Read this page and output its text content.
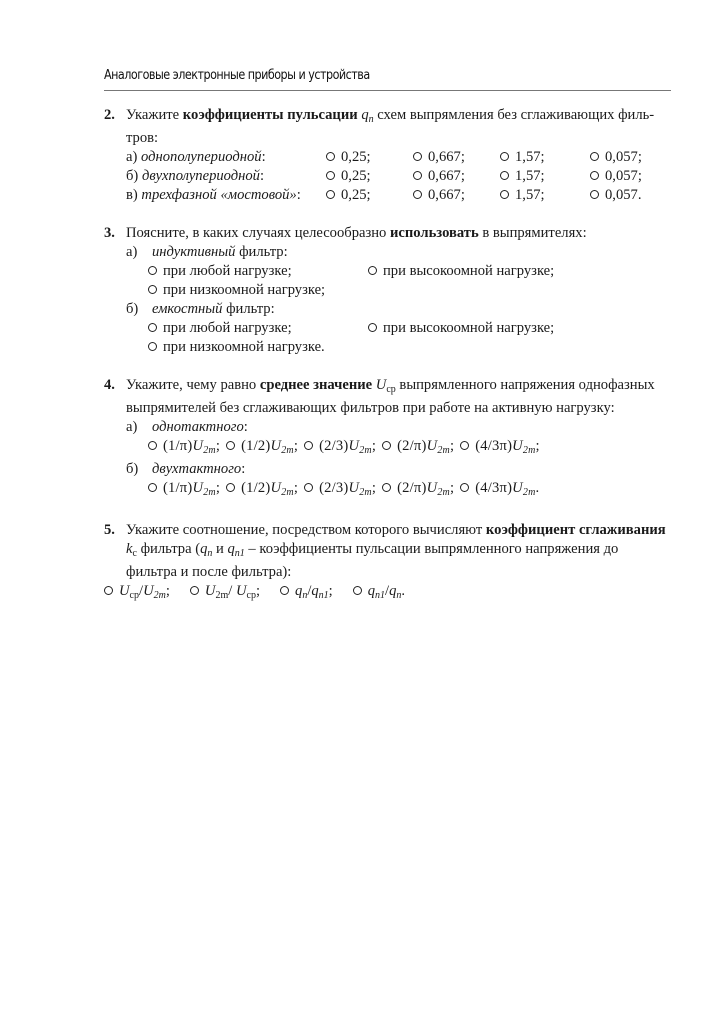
Аналоговые электронные приборы и устройства
2. Укажите коэффициенты пульсации $q_п$ схем выпрямления без сглаживающих фильтров:
а) однополупериодной:	0,25;	0,667;	1,57;	0,057;
б) двухполупериодной:	0,25;	0,667;	1,57;	0,057;
в) трехфазной «мостовой»:	0,25;	0,667;	1,57;	0,057.
3. Поясните, в каких случаях целесообразно использовать в выпрямителях:
а) индуктивный фильтр:
при любой нагрузке;	при высокоомной нагрузке;
при низкоомной нагрузке;
б) емкостный фильтр:
при любой нагрузке;	при высокоомной нагрузке;
при низкоомной нагрузке.
4. Укажите, чему равно среднее значение $U_{ср}$ выпрямленного напряжения однофазных выпрямителей без сглаживающих фильтров при работе на активную нагрузку:
а) однотактного:
$(1/\pi)U_{2m}$; $(1/2)U_{2m}$; $(2/3)U_{2m}$; $(2/\pi)U_{2m}$; $(4/3\pi)U_{2m}$;
б) двухтактного:
$(1/\pi)U_{2m}$; $(1/2)U_{2m}$; $(2/3)U_{2m}$; $(2/\pi)U_{2m}$; $(4/3\pi)U_{2m}$.
5. Укажите соотношение, посредством которого вычисляют коэффициент сглаживания $k_с$ фильтра ($q_п$ и $q_{п1}$ – коэффициенты пульсации выпрямленного напряжения до фильтра и после фильтра):
$U_{ср}/U_{2m}$; $U_{2m}/$ $U_{ср}$; $q_п/q_{п1}$; $q_{п1}/q_п$.
